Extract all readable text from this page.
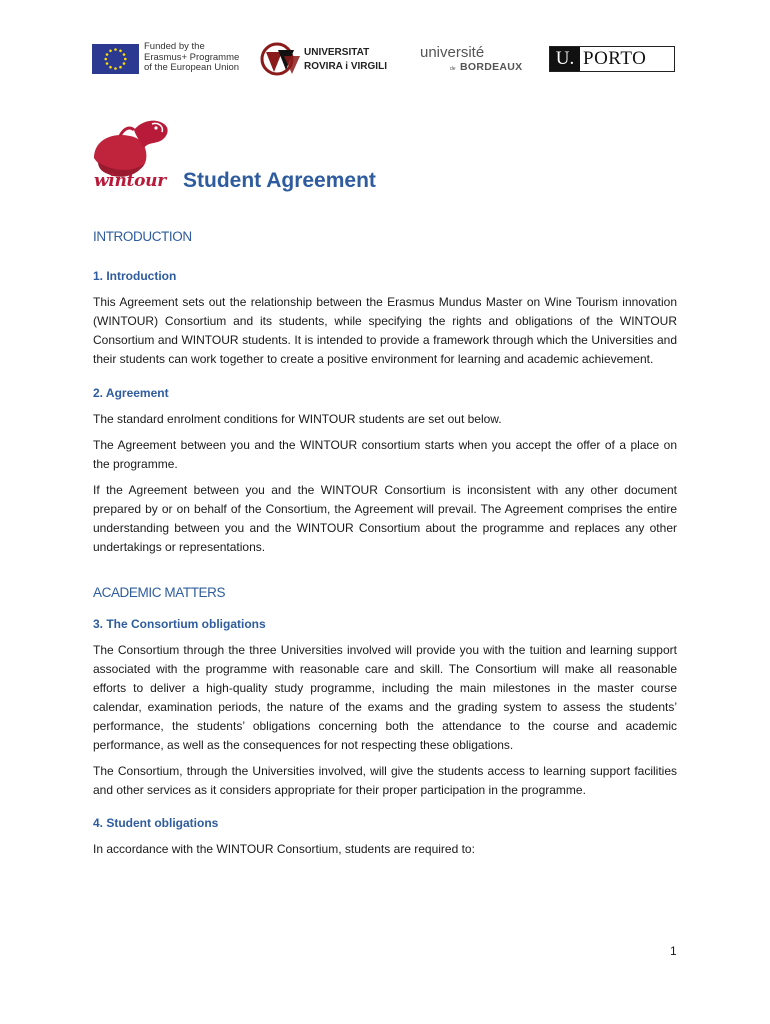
Funded by the
Erasmus+ Programme
of the European Union
UNIVERSITAT
ROVIRA i VIRGILI
université
de BORDEAUX	U. PORTO
wintour Student Agreement
INTRODUCTION
1. Introduction

This Agreement sets out the relationship between the Erasmus Mundus Master on Wine Tourism innovation (WINTOUR) Consortium and its students, while specifying the rights and obligations of the WINTOUR Consortium and WINTOUR students. It is intended to provide a framework through which the Universities and their students can work together to create a positive environment for learning and academic achievement.

2. Agreement

The standard enrolment conditions for WINTOUR students are set out below.

The Agreement between you and the WINTOUR consortium starts when you accept the offer of a place on the programme.

If the Agreement between you and the WINTOUR Consortium is inconsistent with any other document prepared by or on behalf of the Consortium, the Agreement will prevail. The Agreement comprises the entire understanding between you and the WINTOUR Consortium about the programme and replaces any other undertakings or representations.

ACADEMIC MATTERS
3. The Consortium obligations

The Consortium through the three Universities involved will provide you with the tuition and learning support associated with the programme with reasonable care and skill. The Consortium will make all reasonable efforts to deliver a high-quality study programme, including the main milestones in the master course calendar, examination periods, the nature of the exams and the grading system to assess the students’ performance, the students’ obligations concerning both the attendance to the course and academic performance, as well as the consequences for not respecting these obligations.

The Consortium, through the Universities involved, will give the students access to learning support facilities and other services as it considers appropriate for their proper participation in the programme.

4. Student obligations

In accordance with the WINTOUR Consortium, students are required to:

1
